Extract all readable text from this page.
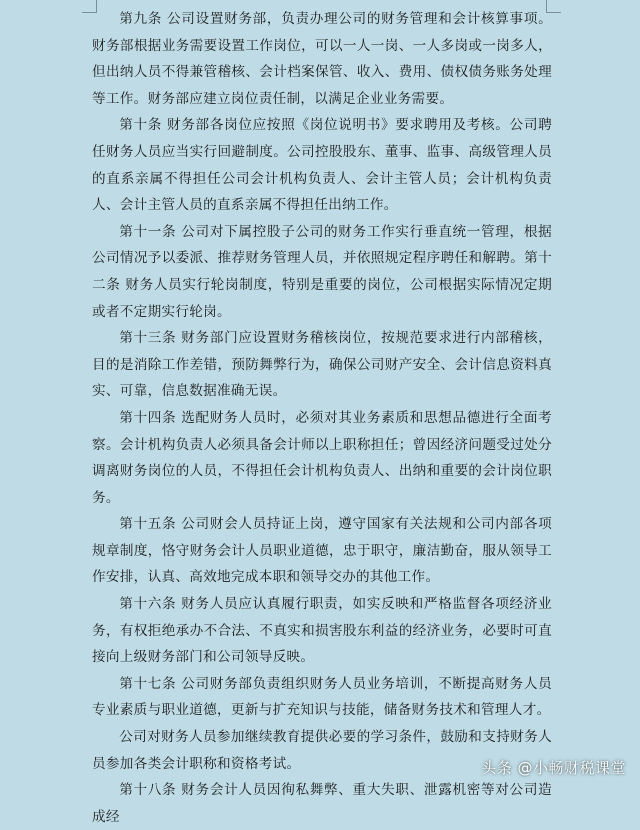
第九条 公司设置财务部，负责办理公司的财务管理和会计核算事项。财务部根据业务需要设置工作岗位，可以一人一岗、一人多岗或一岗多人，但出纳人员不得兼管稽核、会计档案保管、收入、费用、债权债务账务处理等工作。财务部应建立岗位责任制，以满足企业业务需要。

第十条 财务部各岗位应按照《岗位说明书》要求聘用及考核。公司聘任财务人员应当实行回避制度。公司控股股东、董事、监事、高级管理人员的直系亲属不得担任公司会计机构负责人、会计主管人员；会计机构负责人、会计主管人员的直系亲属不得担任出纳工作。

第十一条 公司对下属控股子公司的财务工作实行垂直统一管理，根据公司情况予以委派、推荐财务管理人员，并依照规定程序聘任和解聘。第十二条 财务人员实行轮岗制度，特别是重要的岗位，公司根据实际情况定期或者不定期实行轮岗。

第十三条 财务部门应设置财务稽核岗位，按规范要求进行内部稽核，目的是消除工作差错，预防舞弊行为，确保公司财产安全、会计信息资料真实、可靠，信息数据准确无误。

第十四条 选配财务人员时，必须对其业务素质和思想品德进行全面考察。会计机构负责人必须具备会计师以上职称担任；曾因经济问题受过处分调离财务岗位的人员，不得担任会计机构负责人、出纳和重要的会计岗位职务。

第十五条 公司财会人员持证上岗，遵守国家有关法规和公司内部各项规章制度，恪守财务会计人员职业道德，忠于职守，廉洁勤奋，服从领导工作安排，认真、高效地完成本职和领导交办的其他工作。

第十六条 财务人员应认真履行职责，如实反映和严格监督各项经济业务，有权拒绝承办不合法、不真实和损害股东利益的经济业务，必要时可直接向上级财务部门和公司领导反映。

第十七条 公司财务部负责组织财务人员业务培训，不断提高财务人员专业素质与职业道德，更新与扩充知识与技能，储备财务技术和管理人才。

公司对财务人员参加继续教育提供必要的学习条件，鼓励和支持财务人员参加各类会计职称和资格考试。

第十八条 财务会计人员因徇私舞弊、重大失职、泄露机密等对公司造成经

头条 @小畅财税课堂
